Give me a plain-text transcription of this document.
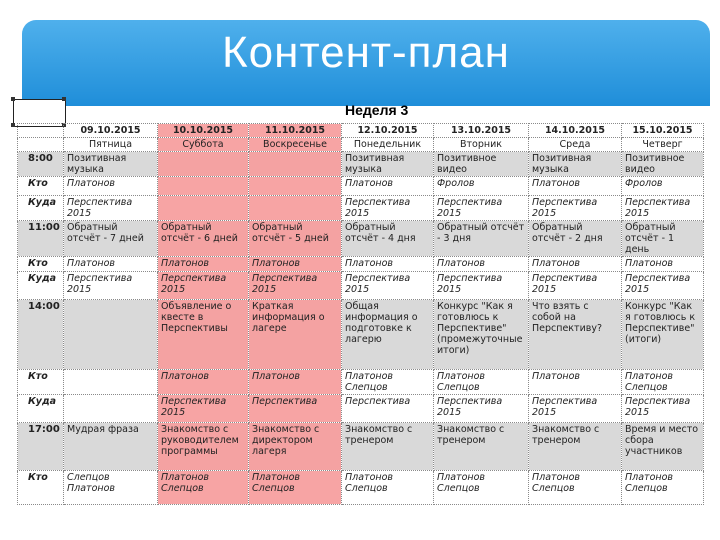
Контент-план
Неделя 3
	09.10.2015	10.10.2015	11.10.2015	12.10.2015	13.10.2015	14.10.2015	15.10.2015
	Пятница	Суббота	Воскресенье	Понедельник	Вторник	Среда	Четверг
8:00	Позитивная музыка			Позитивная музыка	Позитивное видео	Позитивная музыка	Позитивное видео
Кто	Платонов			Платонов	Фролов	Платонов	Фролов
Куда	Перспектива 2015			Перспектива 2015	Перспектива 2015	Перспектива 2015	Перспектива 2015
11:00	Обратный отсчёт - 7 дней	Обратный отсчёт - 6 дней	Обратный отсчёт - 5 дней	Обратный отсчёт - 4 дня	Обратный отсчёт - 3 дня	Обратный отсчёт - 2 дня	Обратный отсчёт - 1 день
Кто	Платонов	Платонов	Платонов	Платонов	Платонов	Платонов	Платонов
Куда	Перспектива 2015	Перспектива 2015	Перспектива 2015	Перспектива 2015	Перспектива 2015	Перспектива 2015	Перспектива 2015
14:00		Объявление о квесте в Перспективы	Краткая информация о лагере	Общая информация о подготовке к лагерю	Конкурс "Как я готовлюсь к Перспективе" (промежуточные итоги)	Что взять с собой на Перспективу?	Конкурс "Как я готовлюсь к Перспективе" (итоги)
Кто		Платонов	Платонов	Платонов Слепцов	Платонов Слепцов	Платонов	Платонов Слепцов
Куда		Перспектива 2015	Перспектива	Перспектива	Перспектива 2015	Перспектива 2015	Перспектива 2015
17:00	Мудрая фраза	Знакомство с руководителем программы	Знакомство с директором лагеря	Знакомство с тренером	Знакомство с тренером	Знакомство с тренером	Время и место сбора участников
Кто	Слепцов Платонов	Платонов Слепцов	Платонов Слепцов	Платонов Слепцов	Платонов Слепцов	Платонов Слепцов	Платонов Слепцов
